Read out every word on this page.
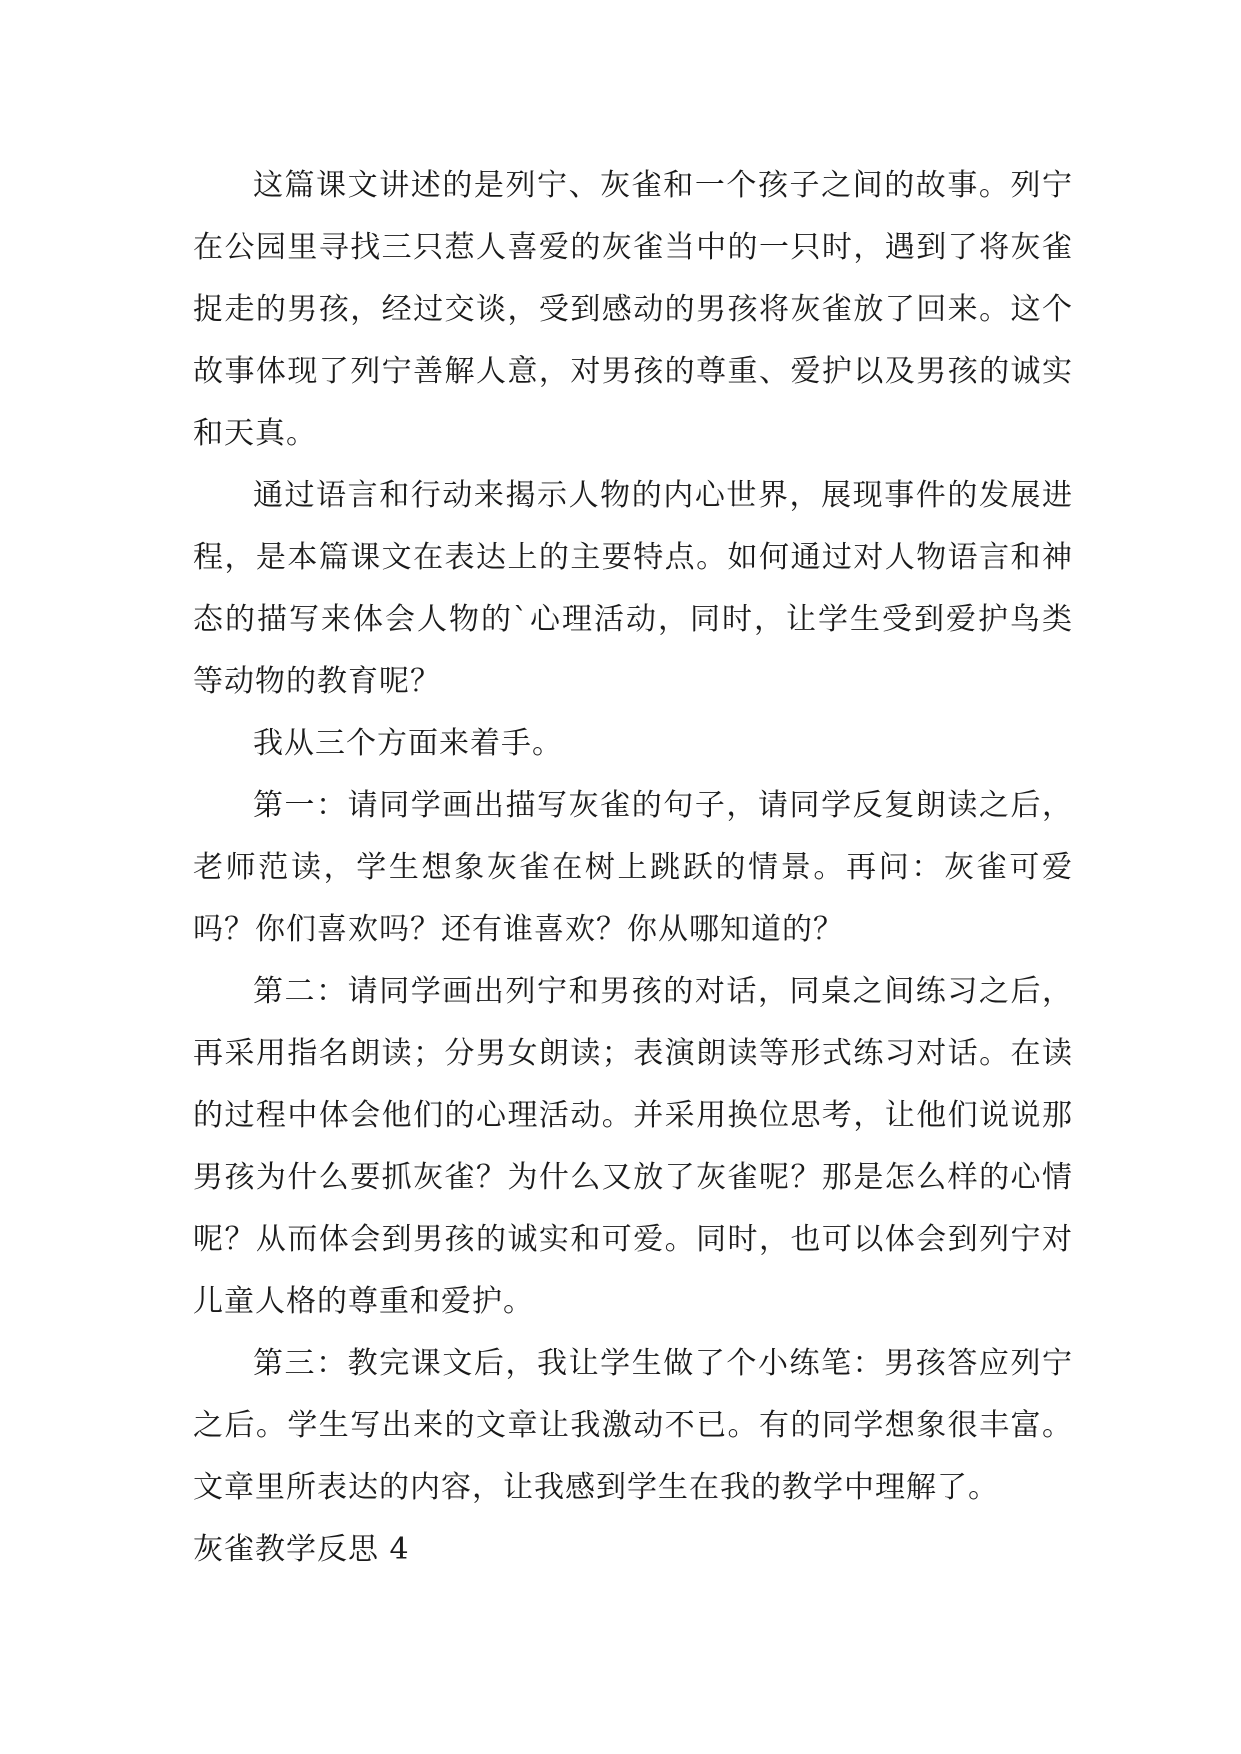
这篇课文讲述的是列宁、灰雀和一个孩子之间的故事。列宁在公园里寻找三只惹人喜爱的灰雀当中的一只时，遇到了将灰雀捉走的男孩，经过交谈，受到感动的男孩将灰雀放了回来。这个故事体现了列宁善解人意，对男孩的尊重、爱护以及男孩的诚实和天真。

通过语言和行动来揭示人物的内心世界，展现事件的发展进程，是本篇课文在表达上的主要特点。如何通过对人物语言和神态的描写来体会人物的`心理活动，同时，让学生受到爱护鸟类等动物的教育呢？

我从三个方面来着手。

第一：请同学画出描写灰雀的句子，请同学反复朗读之后，老师范读，学生想象灰雀在树上跳跃的情景。再问：灰雀可爱吗？你们喜欢吗？还有谁喜欢？你从哪知道的？

第二：请同学画出列宁和男孩的对话，同桌之间练习之后，再采用指名朗读；分男女朗读；表演朗读等形式练习对话。在读的过程中体会他们的心理活动。并采用换位思考，让他们说说那男孩为什么要抓灰雀？为什么又放了灰雀呢？那是怎么样的心情呢？从而体会到男孩的诚实和可爱。同时，也可以体会到列宁对儿童人格的尊重和爱护。

第三：教完课文后，我让学生做了个小练笔：男孩答应列宁之后。学生写出来的文章让我激动不已。有的同学想象很丰富。文章里所表达的内容，让我感到学生在我的教学中理解了。

灰雀教学反思 4
